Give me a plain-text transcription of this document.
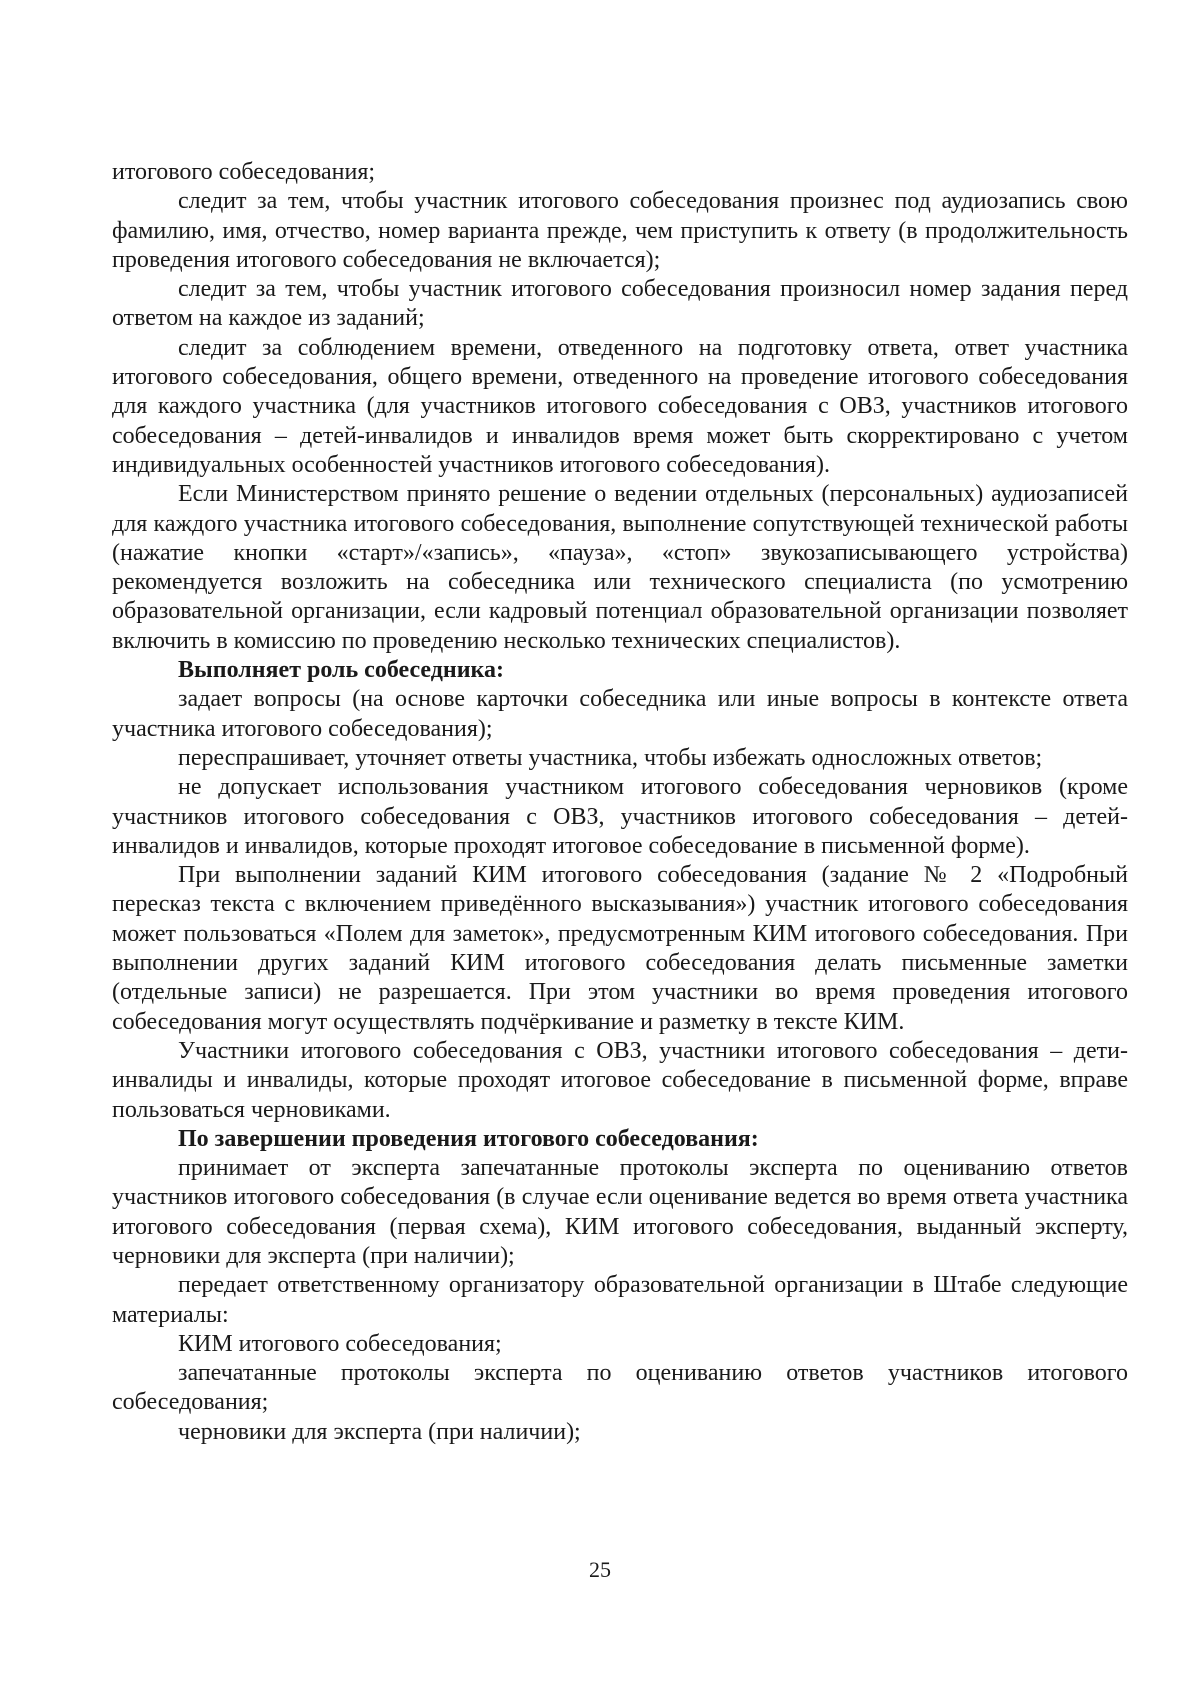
итогового собеседования;

следит за тем, чтобы участник итогового собеседования произнес под аудиозапись свою фамилию, имя, отчество, номер варианта прежде, чем приступить к ответу (в продолжительность проведения итогового собеседования не включается);

следит за тем, чтобы участник итогового собеседования произносил номер задания перед ответом на каждое из заданий;

следит за соблюдением времени, отведенного на подготовку ответа, ответ участника итогового собеседования, общего времени, отведенного на проведение итогового собеседования для каждого участника (для участников итогового собеседования с ОВЗ, участников итогового собеседования – детей-инвалидов и инвалидов время может быть скорректировано с учетом индивидуальных особенностей участников итогового собеседования).

Если Министерством принято решение о ведении отдельных (персональных) аудиозаписей для каждого участника итогового собеседования, выполнение сопутствующей технической работы (нажатие кнопки «старт»/«запись», «пауза», «стоп» звукозаписывающего устройства) рекомендуется возложить на собеседника или технического специалиста (по усмотрению образовательной организации, если кадровый потенциал образовательной организации позволяет включить в комиссию по проведению несколько технических специалистов).

Выполняет роль собеседника:

задает вопросы (на основе карточки собеседника или иные вопросы в контексте ответа участника итогового собеседования);

переспрашивает, уточняет ответы участника, чтобы избежать односложных ответов;

не допускает использования участником итогового собеседования черновиков (кроме участников итогового собеседования с ОВЗ, участников итогового собеседования – детей-инвалидов и инвалидов, которые проходят итоговое собеседование в письменной форме).

При выполнении заданий КИМ итогового собеседования (задание № 2 «Подробный пересказ текста с включением приведённого высказывания») участник итогового собеседования может пользоваться «Полем для заметок», предусмотренным КИМ итогового собеседования. При выполнении других заданий КИМ итогового собеседования делать письменные заметки (отдельные записи) не разрешается. При этом участники во время проведения итогового собеседования могут осуществлять подчёркивание и разметку в тексте КИМ.

Участники итогового собеседования с ОВЗ, участники итогового собеседования – дети-инвалиды и инвалиды, которые проходят итоговое собеседование в письменной форме, вправе пользоваться черновиками.

По завершении проведения итогового собеседования:

принимает от эксперта запечатанные протоколы эксперта по оцениванию ответов участников итогового собеседования (в случае если оценивание ведется во время ответа участника итогового собеседования (первая схема), КИМ итогового собеседования, выданный эксперту, черновики для эксперта (при наличии);

передает ответственному организатору образовательной организации в Штабе следующие материалы:

КИМ итогового собеседования;

запечатанные протоколы эксперта по оцениванию ответов участников итогового собеседования;

черновики для эксперта (при наличии);

25
